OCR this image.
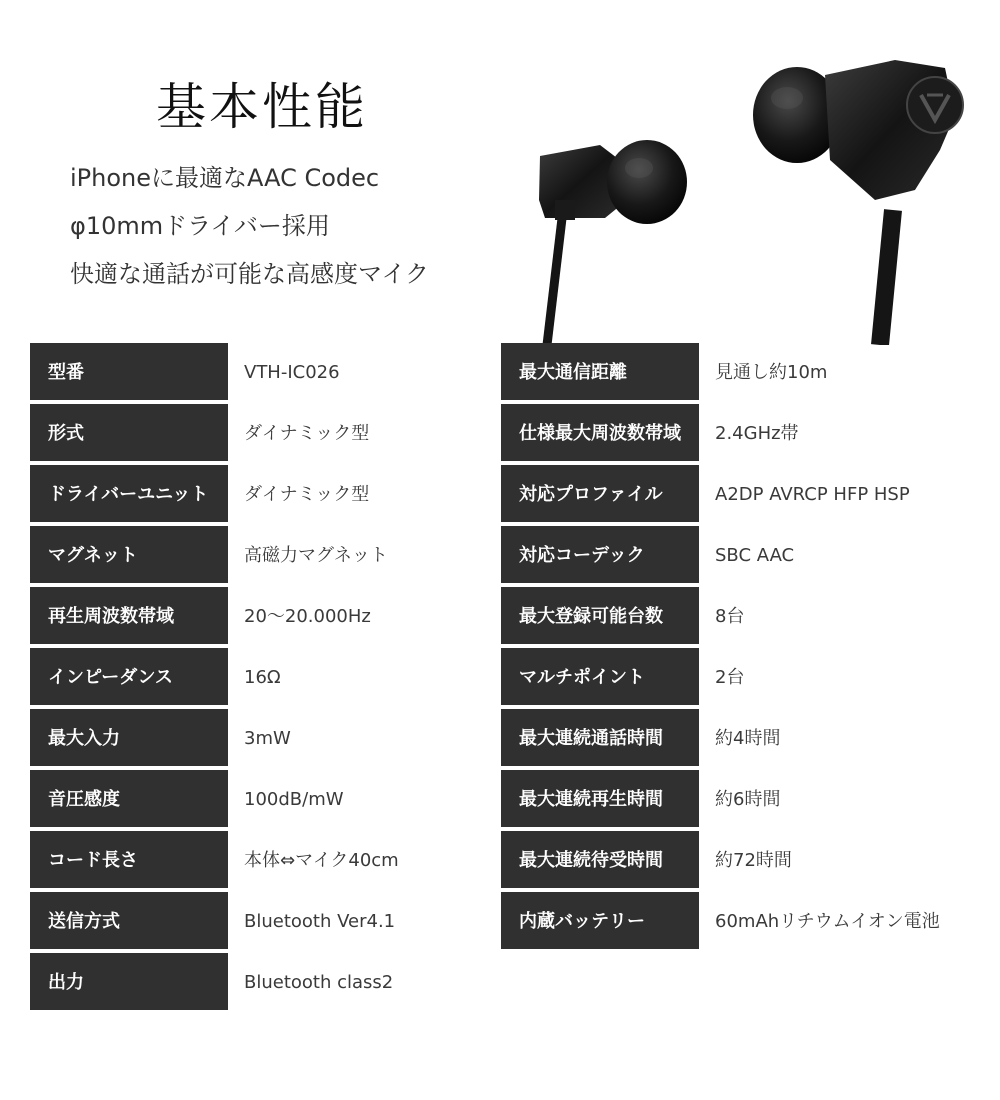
基本性能
iPhoneに最適なAAC Codec
φ10mmドライバー採用
快適な通話が可能な高感度マイク
型番	VTH-IC026
形式	ダイナミック型
ドライバーユニット	ダイナミック型
マグネット	高磁力マグネット
再生周波数帯域	20～20.000Hz
インピーダンス	16Ω
最大入力	3mW
音圧感度	100dB/mW
コード長さ	本体⇔マイク40cm
送信方式	Bluetooth Ver4.1
出力	Bluetooth class2
最大通信距離	見通し約10m
仕様最大周波数帯域	2.4GHz帯
対応プロファイル	A2DP AVRCP HFP HSP
対応コーデック	SBC AAC
最大登録可能台数	8台
マルチポイント	2台
最大連続通話時間	約4時間
最大連続再生時間	約6時間
最大連続待受時間	約72時間
内蔵バッテリー	60mAhリチウムイオン電池
